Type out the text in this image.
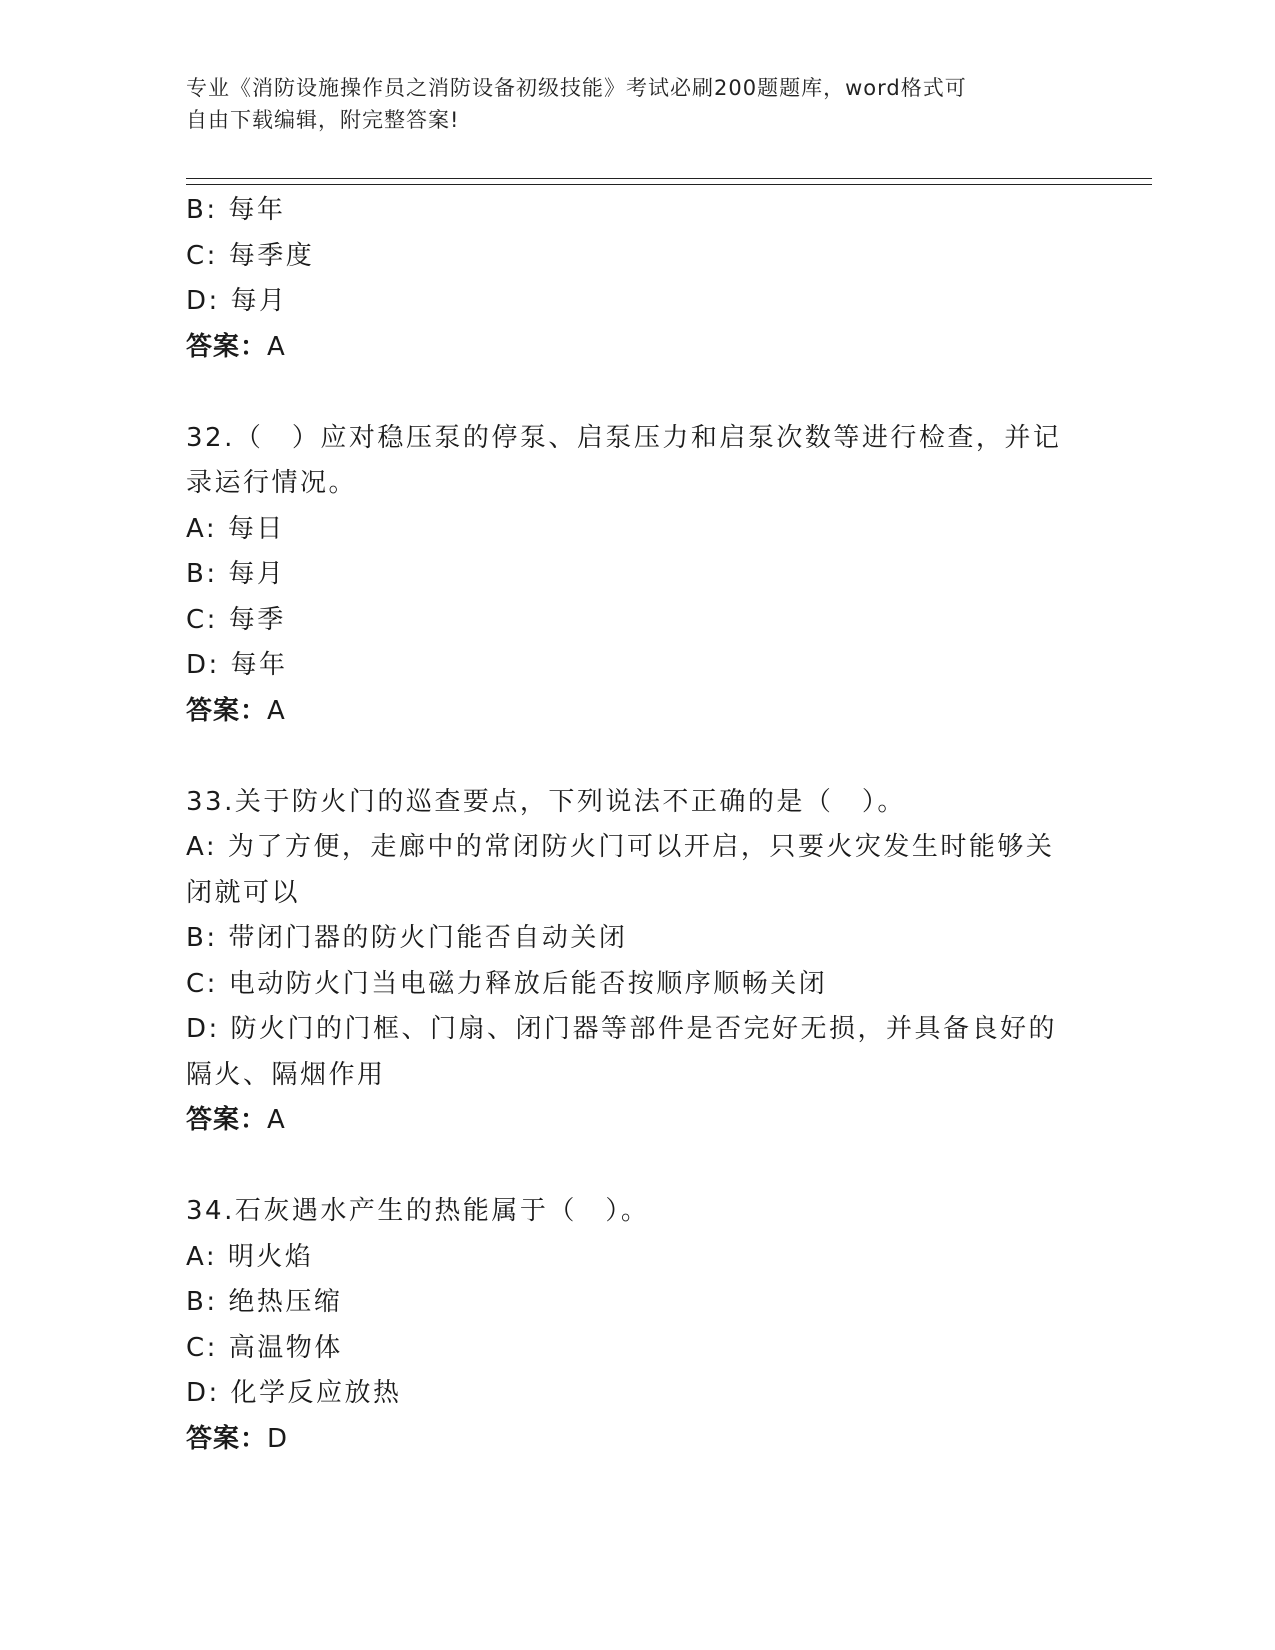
专业《消防设施操作员之消防设备初级技能》考试必刷200题题库，word格式可
自由下载编辑，附完整答案!
B: 每年
C: 每季度
D: 每月
答案：A
32.（　）应对稳压泵的停泵、启泵压力和启泵次数等进行检查，并记
录运行情况。
A: 每日
B: 每月
C: 每季
D: 每年
答案：A
33.关于防火门的巡查要点，下列说法不正确的是（　）。
A: 为了方便，走廊中的常闭防火门可以开启，只要火灾发生时能够关
闭就可以
B: 带闭门器的防火门能否自动关闭
C: 电动防火门当电磁力释放后能否按顺序顺畅关闭
D: 防火门的门框、门扇、闭门器等部件是否完好无损，并具备良好的
隔火、隔烟作用
答案：A
34.石灰遇水产生的热能属于（　）。
A: 明火焰
B: 绝热压缩
C: 高温物体
D: 化学反应放热
答案：D
